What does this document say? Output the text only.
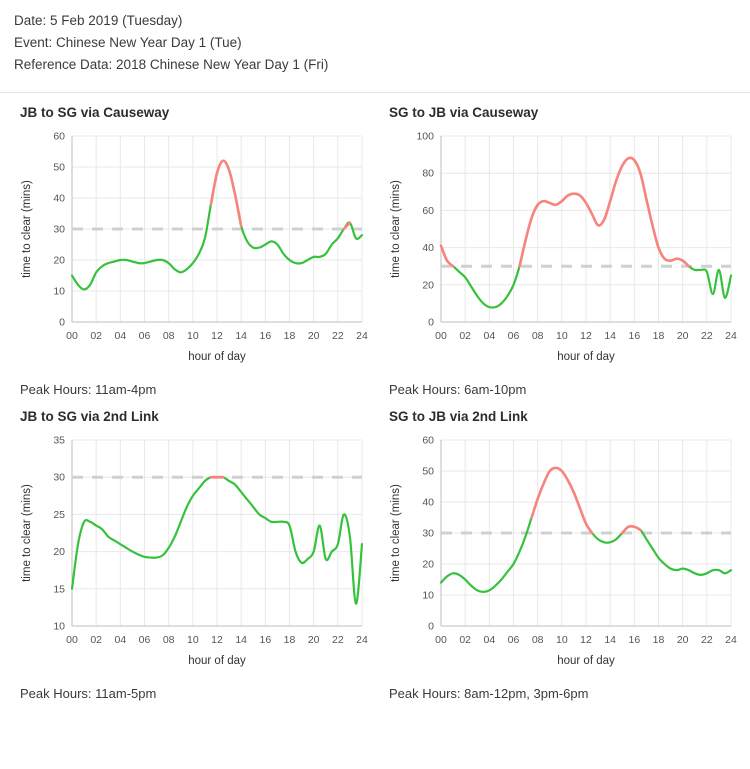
Date: 5 Feb 2019 (Tuesday)
Event: Chinese New Year Day 1 (Tue)
Reference Data: 2018 Chinese New Year Day 1 (Fri)
JB to SG via Causeway
0
10
20
30
40
50
60
00 02 04 06 08 10 12 14 16 18 20 22 24
hour of day
time to clear (mins)
Peak Hours: 11am-4pm
SG to JB via Causeway
0
20
40
60
80
100
00 02 04 06 08 10 12 14 16 18 20 22 24
hour of day
time to clear (mins)
Peak Hours: 6am-10pm
JB to SG via 2nd Link
10
15
20
25
30
35
00 02 04 06 08 10 12 14 16 18 20 22 24
hour of day
time to clear (mins)
Peak Hours: 11am-5pm
SG to JB via 2nd Link
0
10
20
30
40
50
60
00 02 04 06 08 10 12 14 16 18 20 22 24
hour of day
time to clear (mins)
Peak Hours: 8am-12pm, 3pm-6pm
